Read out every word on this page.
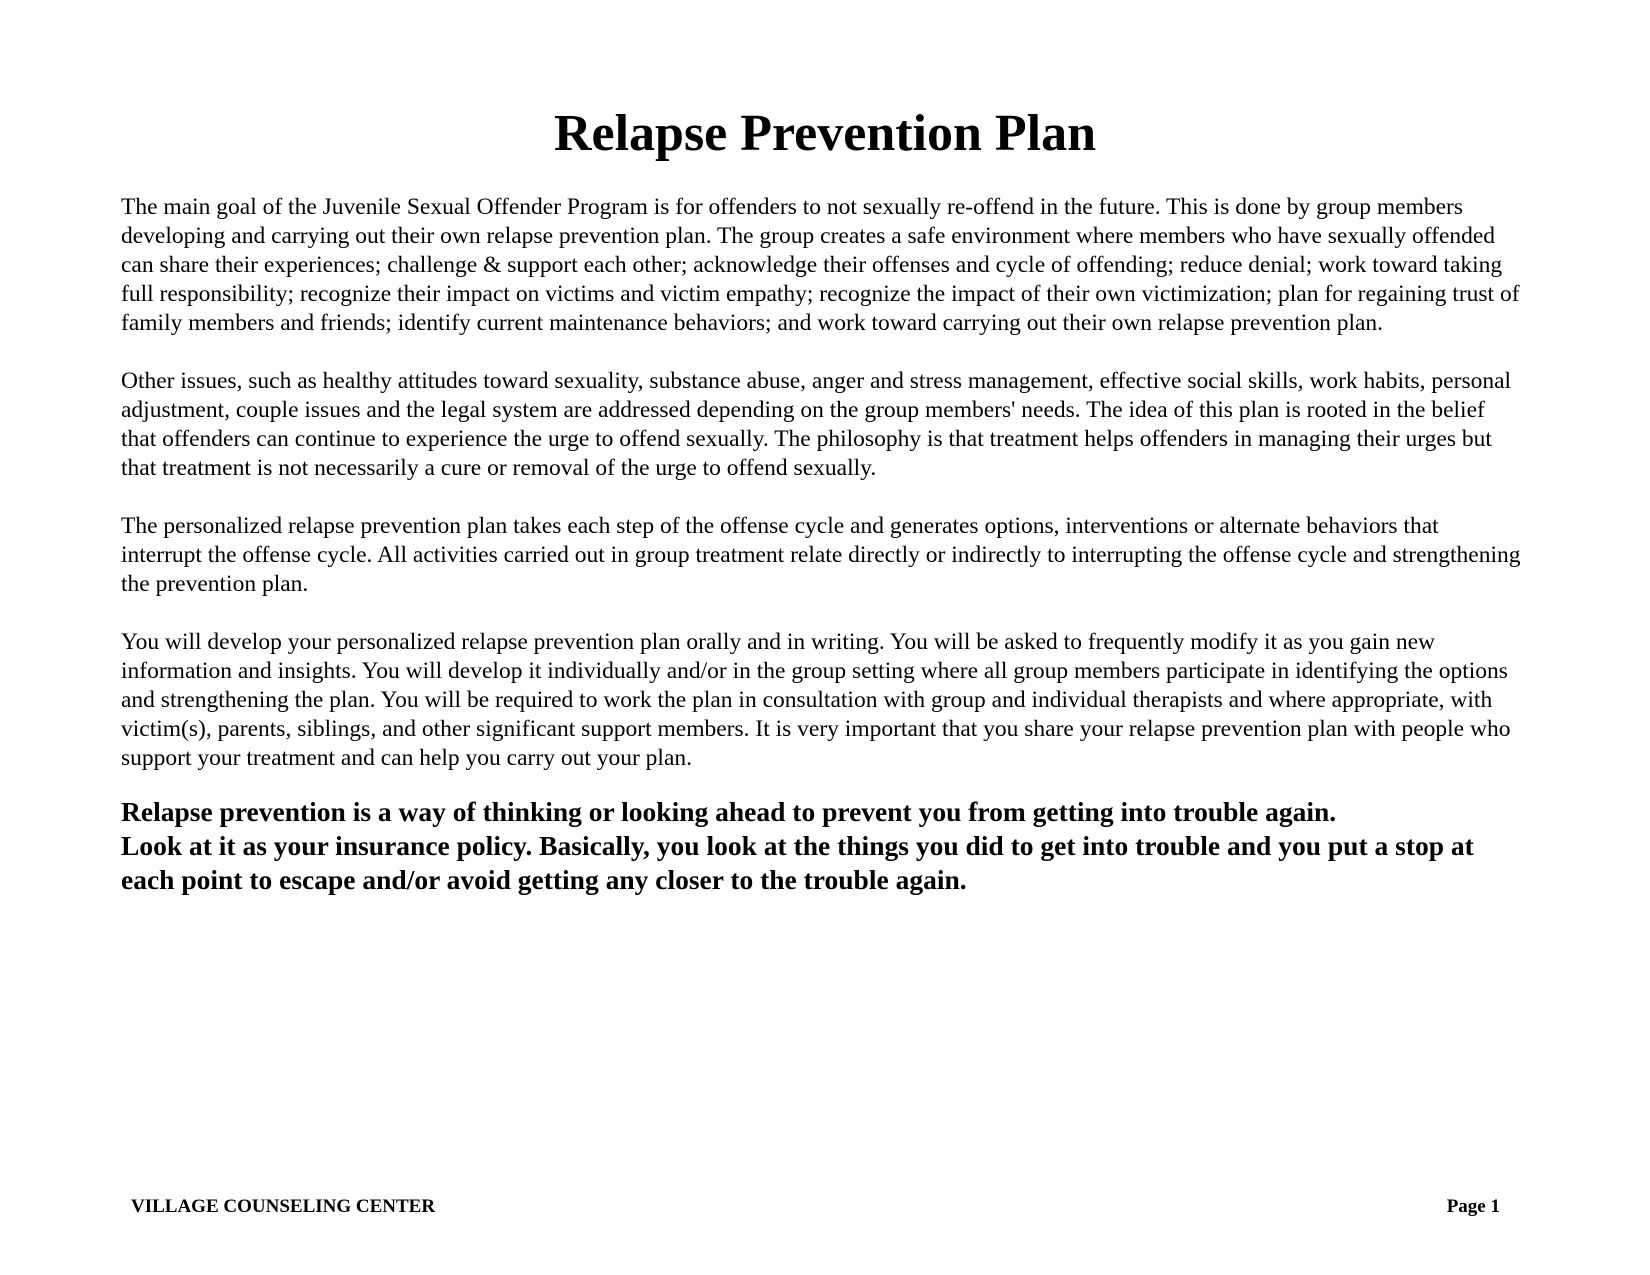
Relapse Prevention Plan

The main goal of the Juvenile Sexual Offender Program is for offenders to not sexually re-offend in the future. This is done by group members developing and carrying out their own relapse prevention plan. The group creates a safe environment where members who have sexually offended can share their experiences; challenge & support each other; acknowledge their offenses and cycle of offending; reduce denial; work toward taking full responsibility; recognize their impact on victims and victim empathy; recognize the impact of their own victimization; plan for regaining trust of family members and friends; identify current maintenance behaviors; and work toward carrying out their own relapse prevention plan.

Other issues, such as healthy attitudes toward sexuality, substance abuse, anger and stress management, effective social skills, work habits, personal adjustment, couple issues and the legal system are addressed depending on the group members' needs. The idea of this plan is rooted in the belief that offenders can continue to experience the urge to offend sexually. The philosophy is that treatment helps offenders in managing their urges but that treatment is not necessarily a cure or removal of the urge to offend sexually.

The personalized relapse prevention plan takes each step of the offense cycle and generates options, interventions or alternate behaviors that interrupt the offense cycle. All activities carried out in group treatment relate directly or indirectly to interrupting the offense cycle and strengthening the prevention plan.

You will develop your personalized relapse prevention plan orally and in writing. You will be asked to frequently modify it as you gain new information and insights. You will develop it individually and/or in the group setting where all group members participate in identifying the options and strengthening the plan. You will be required to work the plan in consultation with group and individual therapists and where appropriate, with victim(s), parents, siblings, and other significant support members. It is very important that you share your relapse prevention plan with people who support your treatment and can help you carry out your plan.

Relapse prevention is a way of thinking or looking ahead to prevent you from getting into trouble again.

Look at it as your insurance policy. Basically, you look at the things you did to get into trouble and you put a stop at each point to escape and/or avoid getting any closer to the trouble again.

VILLAGE COUNSELING CENTER	Page 1
